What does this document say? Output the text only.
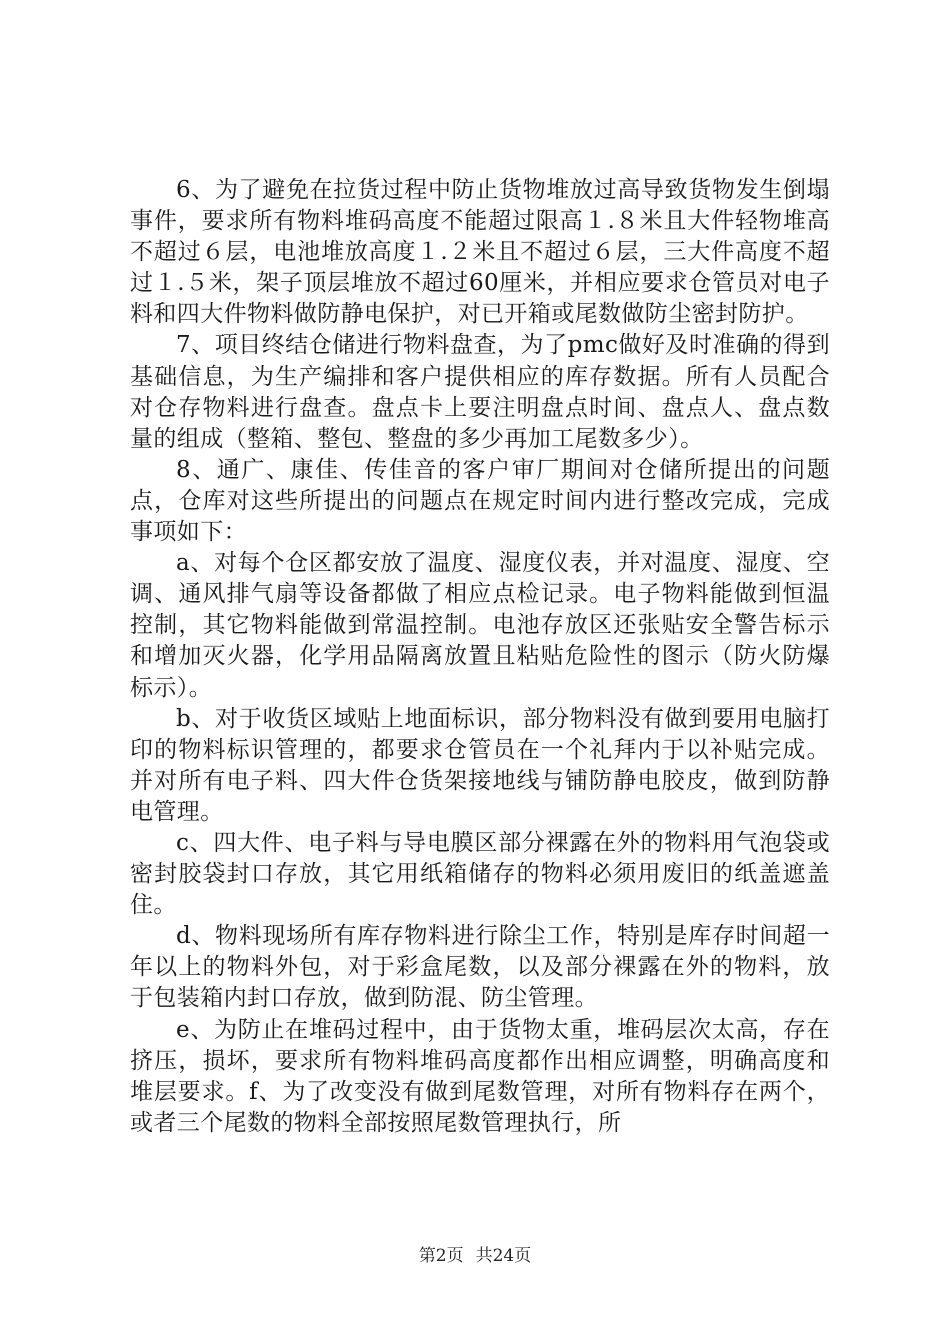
6、为了避免在拉货过程中防止货物堆放过高导致货物发生倒塌事件，要求所有物料堆码高度不能超过限高１.８米且大件轻物堆高不超过６层，电池堆放高度１.２米且不超过６层，三大件高度不超过１.５米，架子顶层堆放不超过60厘米，并相应要求仓管员对电子料和四大件物料做防静电保护，对已开箱或尾数做防尘密封防护。

7、项目终结仓储进行物料盘查，为了pmc做好及时准确的得到基础信息，为生产编排和客户提供相应的库存数据。所有人员配合对仓存物料进行盘查。盘点卡上要注明盘点时间、盘点人、盘点数量的组成（整箱、整包、整盘的多少再加工尾数多少）。

8、通广、康佳、传佳音的客户审厂期间对仓储所提出的问题点，仓库对这些所提出的问题点在规定时间内进行整改完成，完成事项如下：

a、对每个仓区都安放了温度、湿度仪表，并对温度、湿度、空调、通风排气扇等设备都做了相应点检记录。电子物料能做到恒温控制，其它物料能做到常温控制。电池存放区还张贴安全警告标示和增加灭火器，化学用品隔离放置且粘贴危险性的图示（防火防爆标示）。

b、对于收货区域贴上地面标识，部分物料没有做到要用电脑打印的物料标识管理的，都要求仓管员在一个礼拜内于以补贴完成。并对所有电子料、四大件仓货架接地线与铺防静电胶皮，做到防静电管理。

c、四大件、电子料与导电膜区部分裸露在外的物料用气泡袋或密封胶袋封口存放，其它用纸箱储存的物料必须用废旧的纸盖遮盖住。

d、物料现场所有库存物料进行除尘工作，特别是库存时间超一年以上的物料外包，对于彩盒尾数，以及部分裸露在外的物料，放于包装箱内封口存放，做到防混、防尘管理。

e、为防止在堆码过程中，由于货物太重，堆码层次太高，存在挤压，损坏，要求所有物料堆码高度都作出相应调整，明确高度和堆层要求。f、为了改变没有做到尾数管理，对所有物料存在两个，或者三个尾数的物料全部按照尾数管理执行，所

第2页 共24页
